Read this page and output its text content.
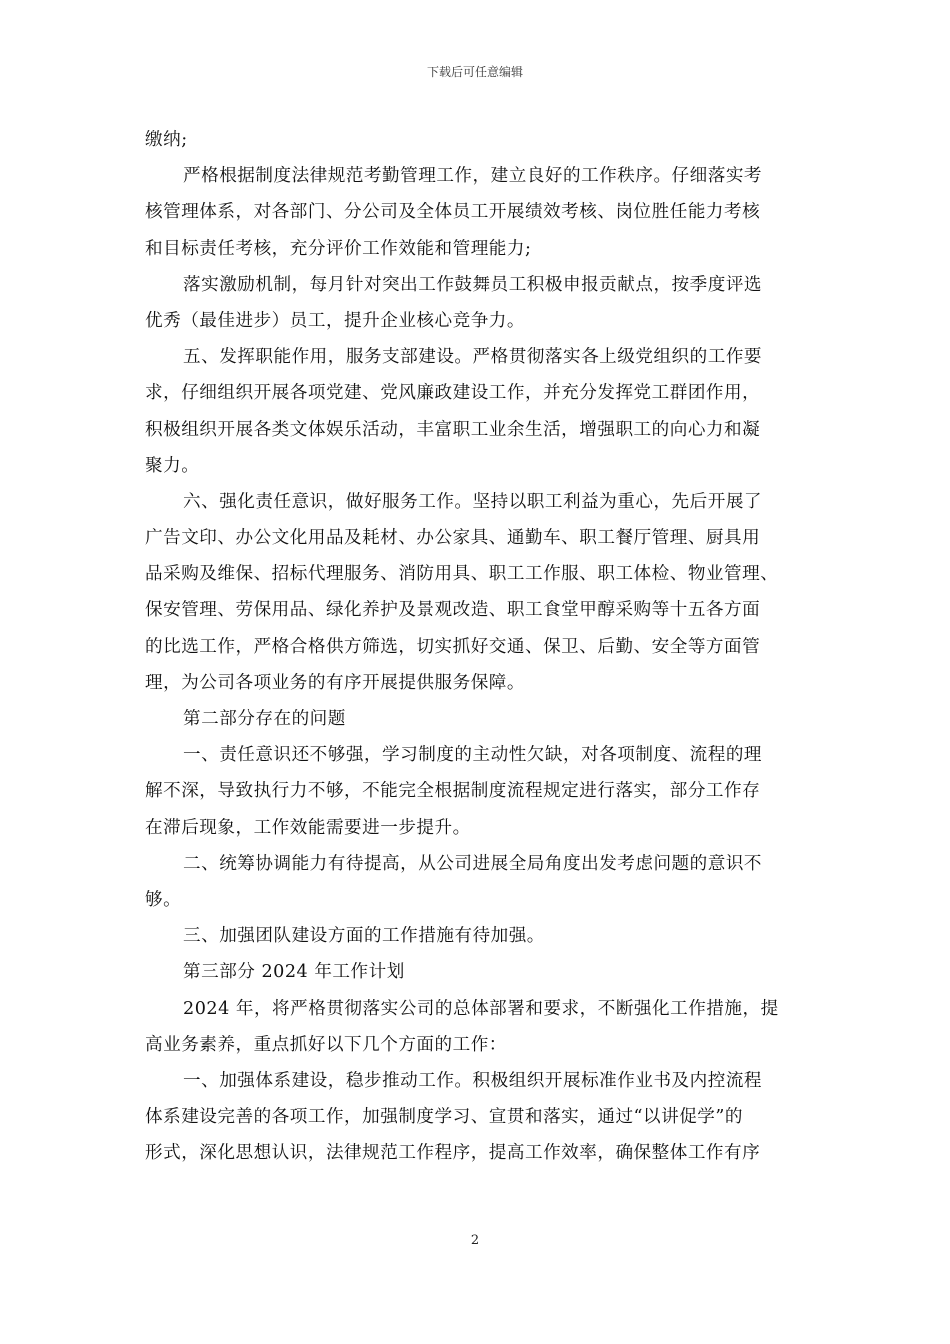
下载后可任意编辑
缴纳;
严格根据制度法律规范考勤管理工作，建立良好的工作秩序。仔细落实考
核管理体系，对各部门、分公司及全体员工开展绩效考核、岗位胜任能力考核
和目标责任考核，充分评价工作效能和管理能力;
落实激励机制，每月针对突出工作鼓舞员工积极申报贡献点，按季度评选
优秀（最佳进步）员工，提升企业核心竞争力。
五、发挥职能作用，服务支部建设。严格贯彻落实各上级党组织的工作要
求，仔细组织开展各项党建、党风廉政建设工作，并充分发挥党工群团作用，
积极组织开展各类文体娱乐活动，丰富职工业余生活，增强职工的向心力和凝
聚力。
六、强化责任意识，做好服务工作。坚持以职工利益为重心，先后开展了
广告文印、办公文化用品及耗材、办公家具、通勤车、职工餐厅管理、厨具用
品采购及维保、招标代理服务、消防用具、职工工作服、职工体检、物业管理、
保安管理、劳保用品、绿化养护及景观改造、职工食堂甲醇采购等十五各方面
的比选工作，严格合格供方筛选，切实抓好交通、保卫、后勤、安全等方面管
理，为公司各项业务的有序开展提供服务保障。
第二部分存在的问题
一、责任意识还不够强，学习制度的主动性欠缺，对各项制度、流程的理
解不深，导致执行力不够，不能完全根据制度流程规定进行落实，部分工作存
在滞后现象，工作效能需要进一步提升。
二、统筹协调能力有待提高，从公司进展全局角度出发考虑问题的意识不
够。
三、加强团队建设方面的工作措施有待加强。
第三部分 2024 年工作计划
2024 年，将严格贯彻落实公司的总体部署和要求，不断强化工作措施，提
高业务素养，重点抓好以下几个方面的工作：
一、加强体系建设，稳步推动工作。积极组织开展标准作业书及内控流程
体系建设完善的各项工作，加强制度学习、宣贯和落实，通过“以讲促学”的
形式，深化思想认识，法律规范工作程序，提高工作效率，确保整体工作有序
2
